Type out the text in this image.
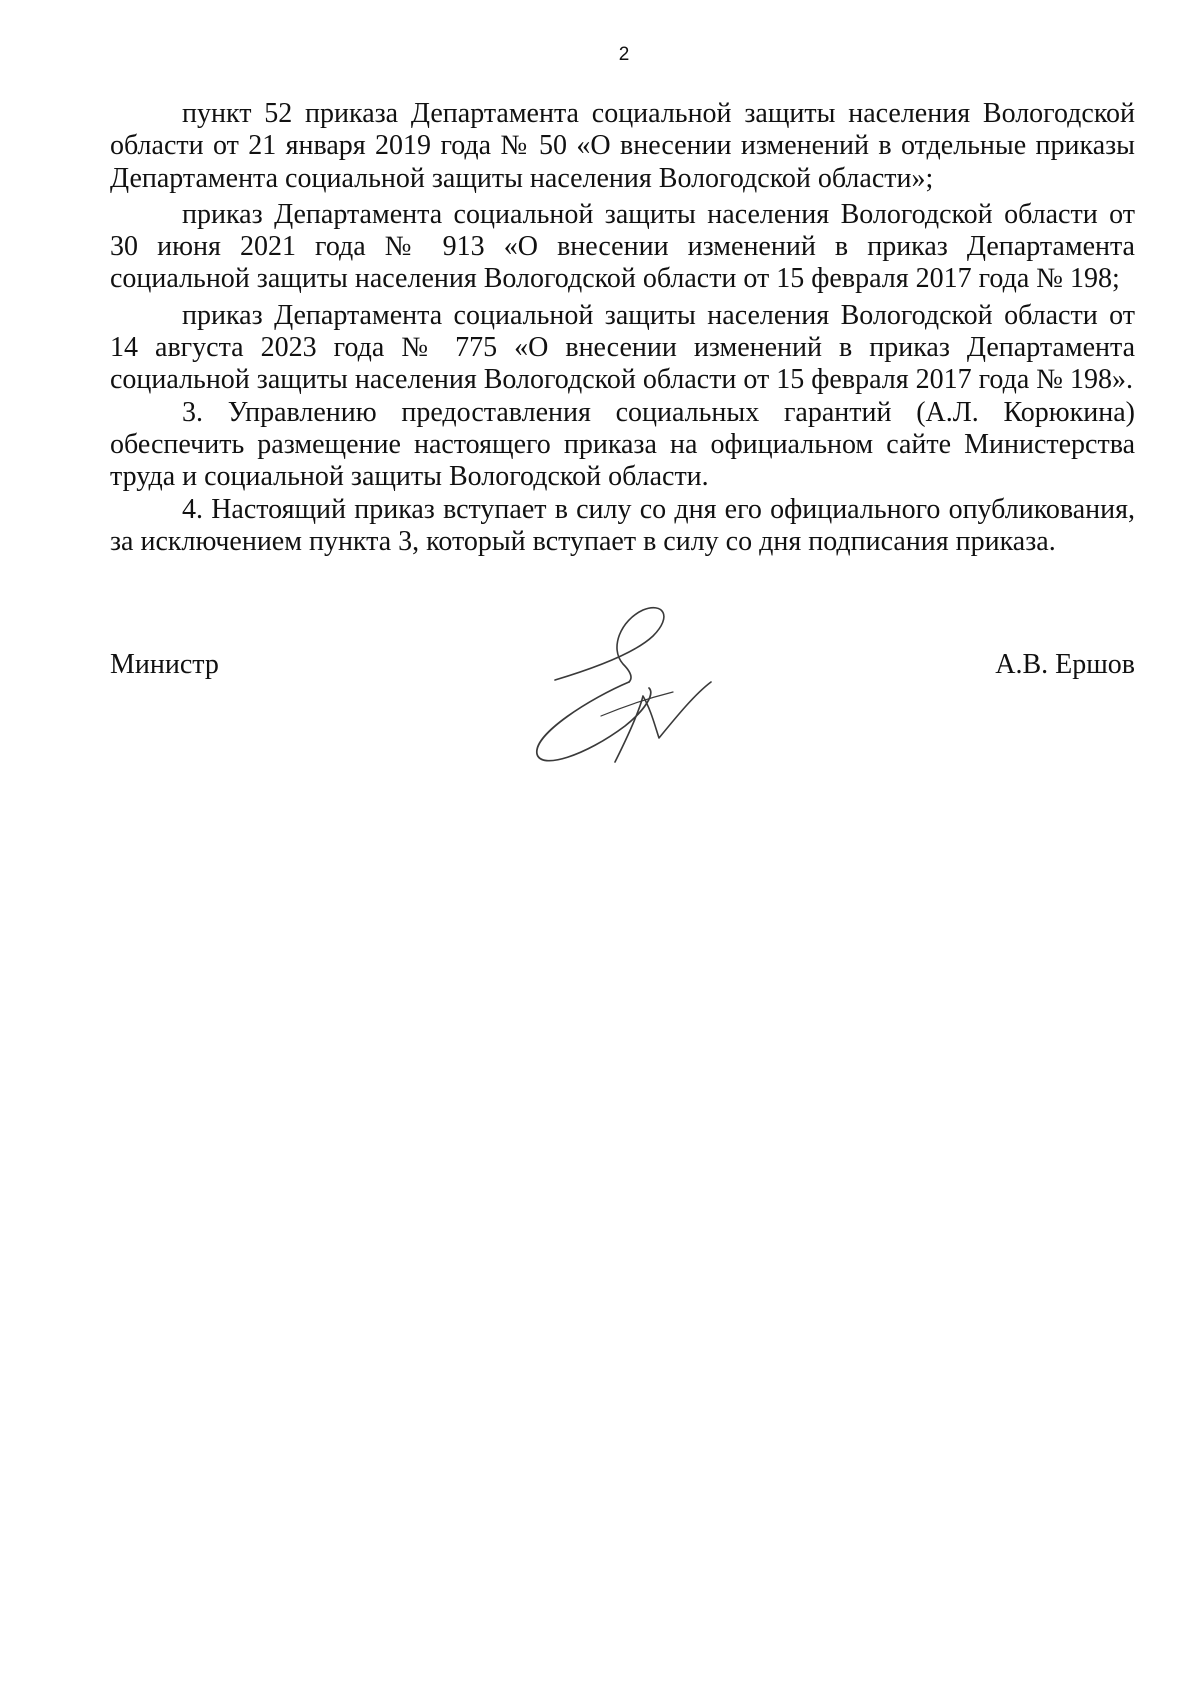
2

пункт 52 приказа Департамента социальной защиты населения Вологодской области от 21 января 2019 года № 50 «О внесении изменений в отдельные приказы Департамента социальной защиты населения Вологодской области»;

приказ Департамента социальной защиты населения Вологодской области от 30 июня 2021 года № 913 «О внесении изменений в приказ Департамента социальной защиты населения Вологодской области от 15 февраля 2017 года № 198;

приказ Департамента социальной защиты населения Вологодской области от 14 августа 2023 года № 775 «О внесении изменений в приказ Департамента социальной защиты населения Вологодской области от 15 февраля 2017 года № 198».

3. Управлению предоставления социальных гарантий (А.Л. Корюкина) обеспечить размещение настоящего приказа на официальном сайте Министерства труда и социальной защиты Вологодской области.

4. Настоящий приказ вступает в силу со дня его официального опубликования, за исключением пункта 3, который вступает в силу со дня подписания приказа.

Министр	А.В. Ершов
